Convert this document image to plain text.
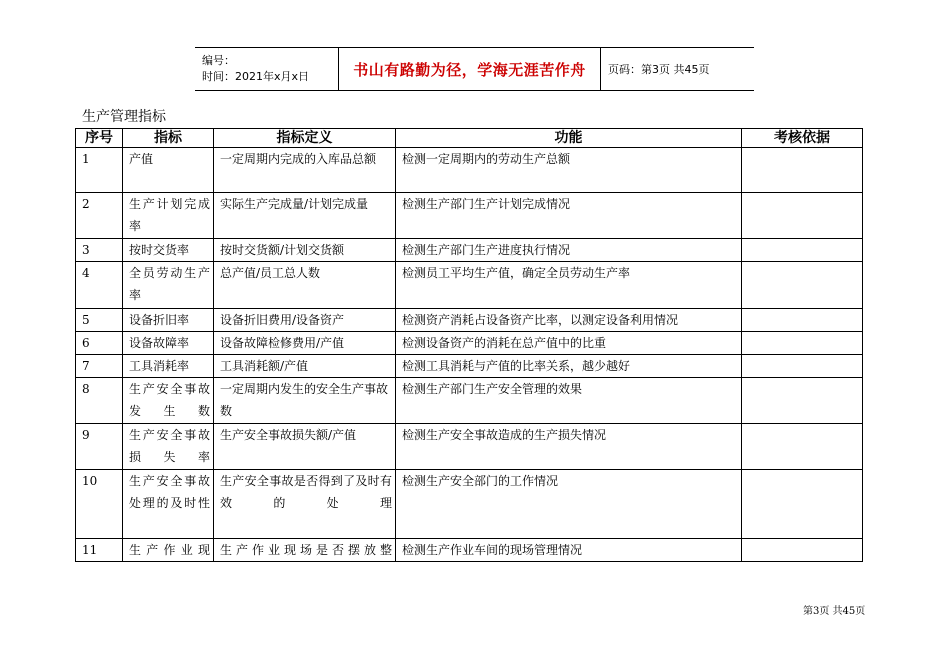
编号：
时间：2021年x月x日	书山有路勤为径，学海无涯苦作舟	页码：第3页 共45页
生产管理指标
序号	指标	指标定义	功能	考核依据
1	产值	一定周期内完成的入库品总额	检测一定周期内的劳动生产总额	
2	生产计划完成率	实际生产完成量/计划完成量	检测生产部门生产计划完成情况	
3	按时交货率	按时交货额/计划交货额	检测生产部门生产进度执行情况	
4	全员劳动生产率	总产值/员工总人数	检测员工平均生产值，确定全员劳动生产率	
5	设备折旧率	设备折旧费用/设备资产	检测资产消耗占设备资产比率，以测定设备利用情况	
6	设备故障率	设备故障检修费用/产值	检测设备资产的消耗在总产值中的比重	
7	工具消耗率	工具消耗额/产值	检测工具消耗与产值的比率关系，越少越好	
8	生产安全事故发生数	一定周期内发生的安全生产事故数	检测生产部门生产安全管理的效果	
9	生产安全事故损失率	生产安全事故损失额/产值	检测生产安全事故造成的生产损失情况	
10	生产安全事故处理的及时性	生产安全事故是否得到了及时有效的处理	检测生产安全部门的工作情况	
11	生产作业现	生产作业现场是否摆放整	检测生产作业车间的现场管理情况	
第3页 共45页
